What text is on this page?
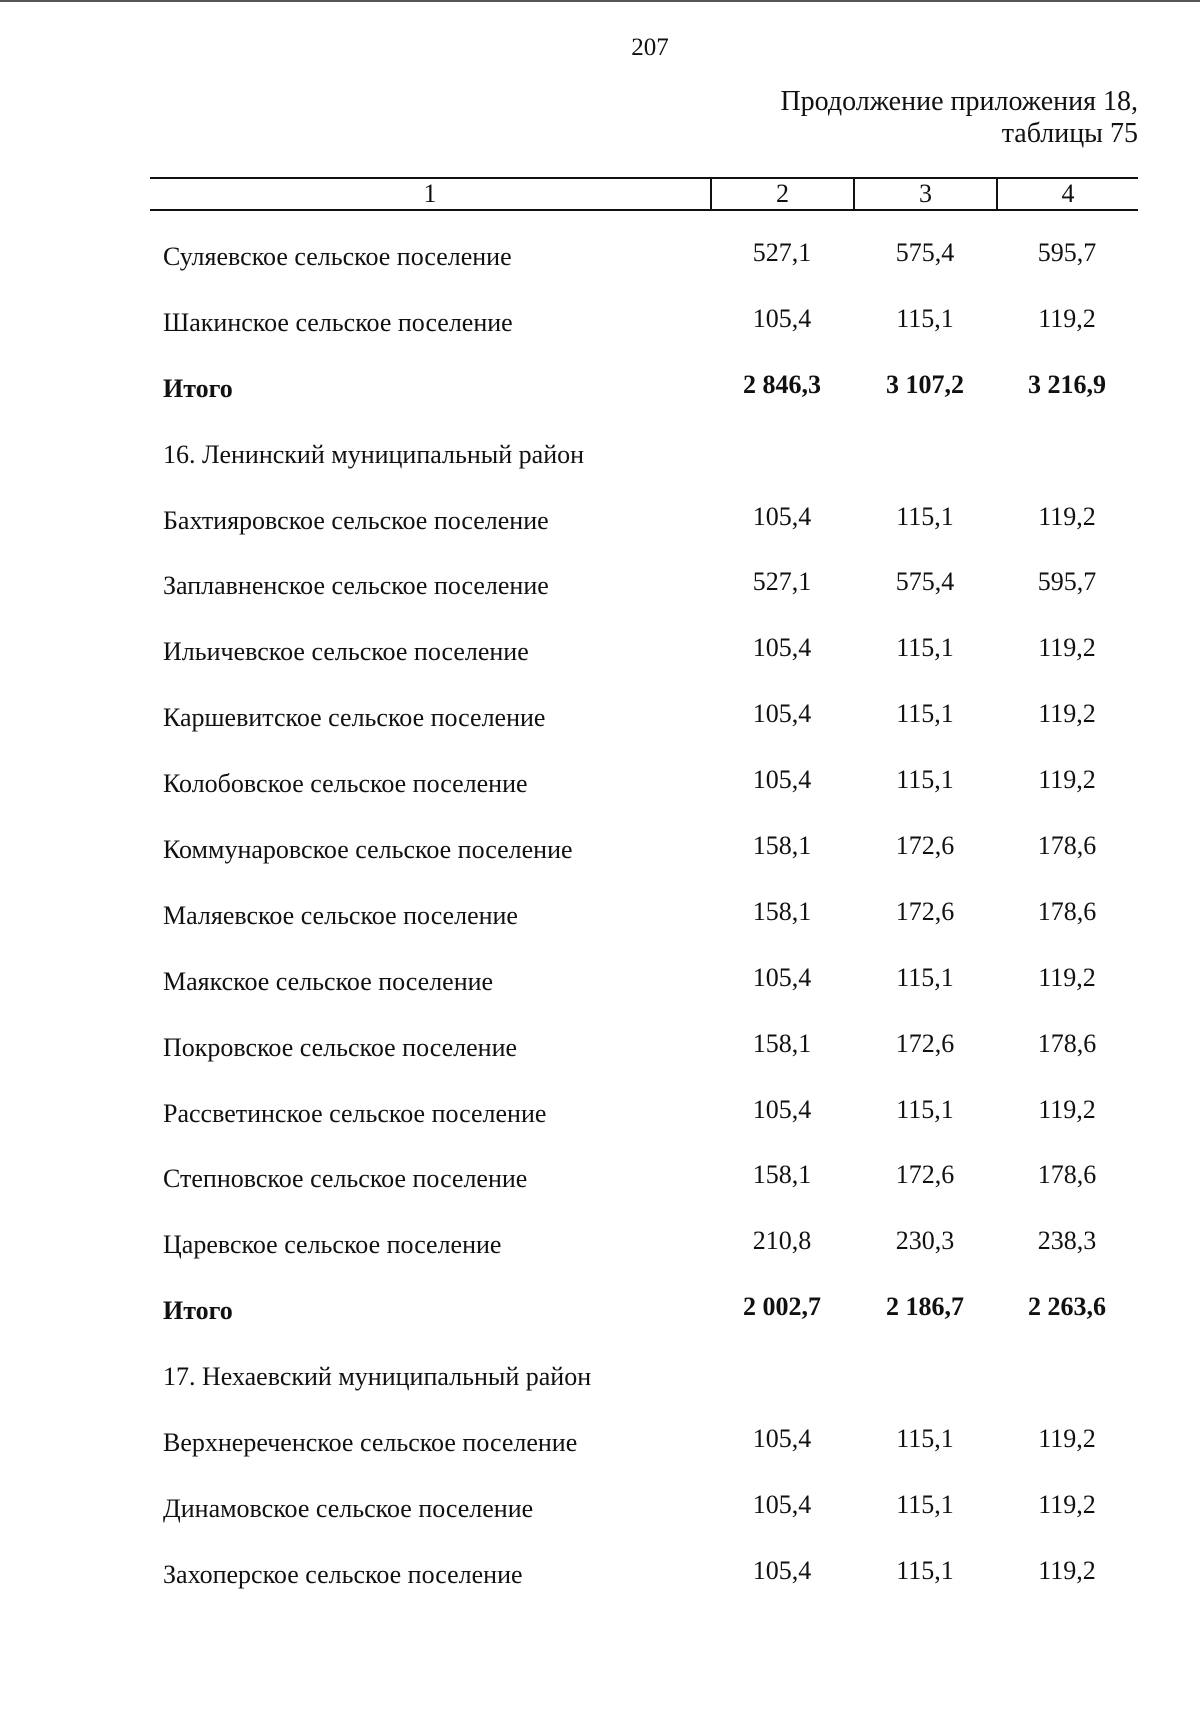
207
Продолжение приложения 18,
таблицы 75
1	2	3	4
Суляевское сельское поселение	527,1	575,4	595,7
Шакинское сельское поселение	105,4	115,1	119,2
Итого	2 846,3	3 107,2	3 216,9
16. Ленинский муниципальный район
Бахтияровское сельское поселение	105,4	115,1	119,2
Заплавненское сельское поселение	527,1	575,4	595,7
Ильичевское сельское поселение	105,4	115,1	119,2
Каршевитское сельское поселение	105,4	115,1	119,2
Колобовское сельское поселение	105,4	115,1	119,2
Коммунаровское сельское поселение	158,1	172,6	178,6
Маляевское сельское поселение	158,1	172,6	178,6
Маякское сельское поселение	105,4	115,1	119,2
Покровское сельское поселение	158,1	172,6	178,6
Рассветинское сельское поселение	105,4	115,1	119,2
Степновское сельское поселение	158,1	172,6	178,6
Царевское сельское поселение	210,8	230,3	238,3
Итого	2 002,7	2 186,7	2 263,6
17. Нехаевский муниципальный район
Верхнереченское сельское поселение	105,4	115,1	119,2
Динамовское сельское поселение	105,4	115,1	119,2
Захоперское сельское поселение	105,4	115,1	119,2
